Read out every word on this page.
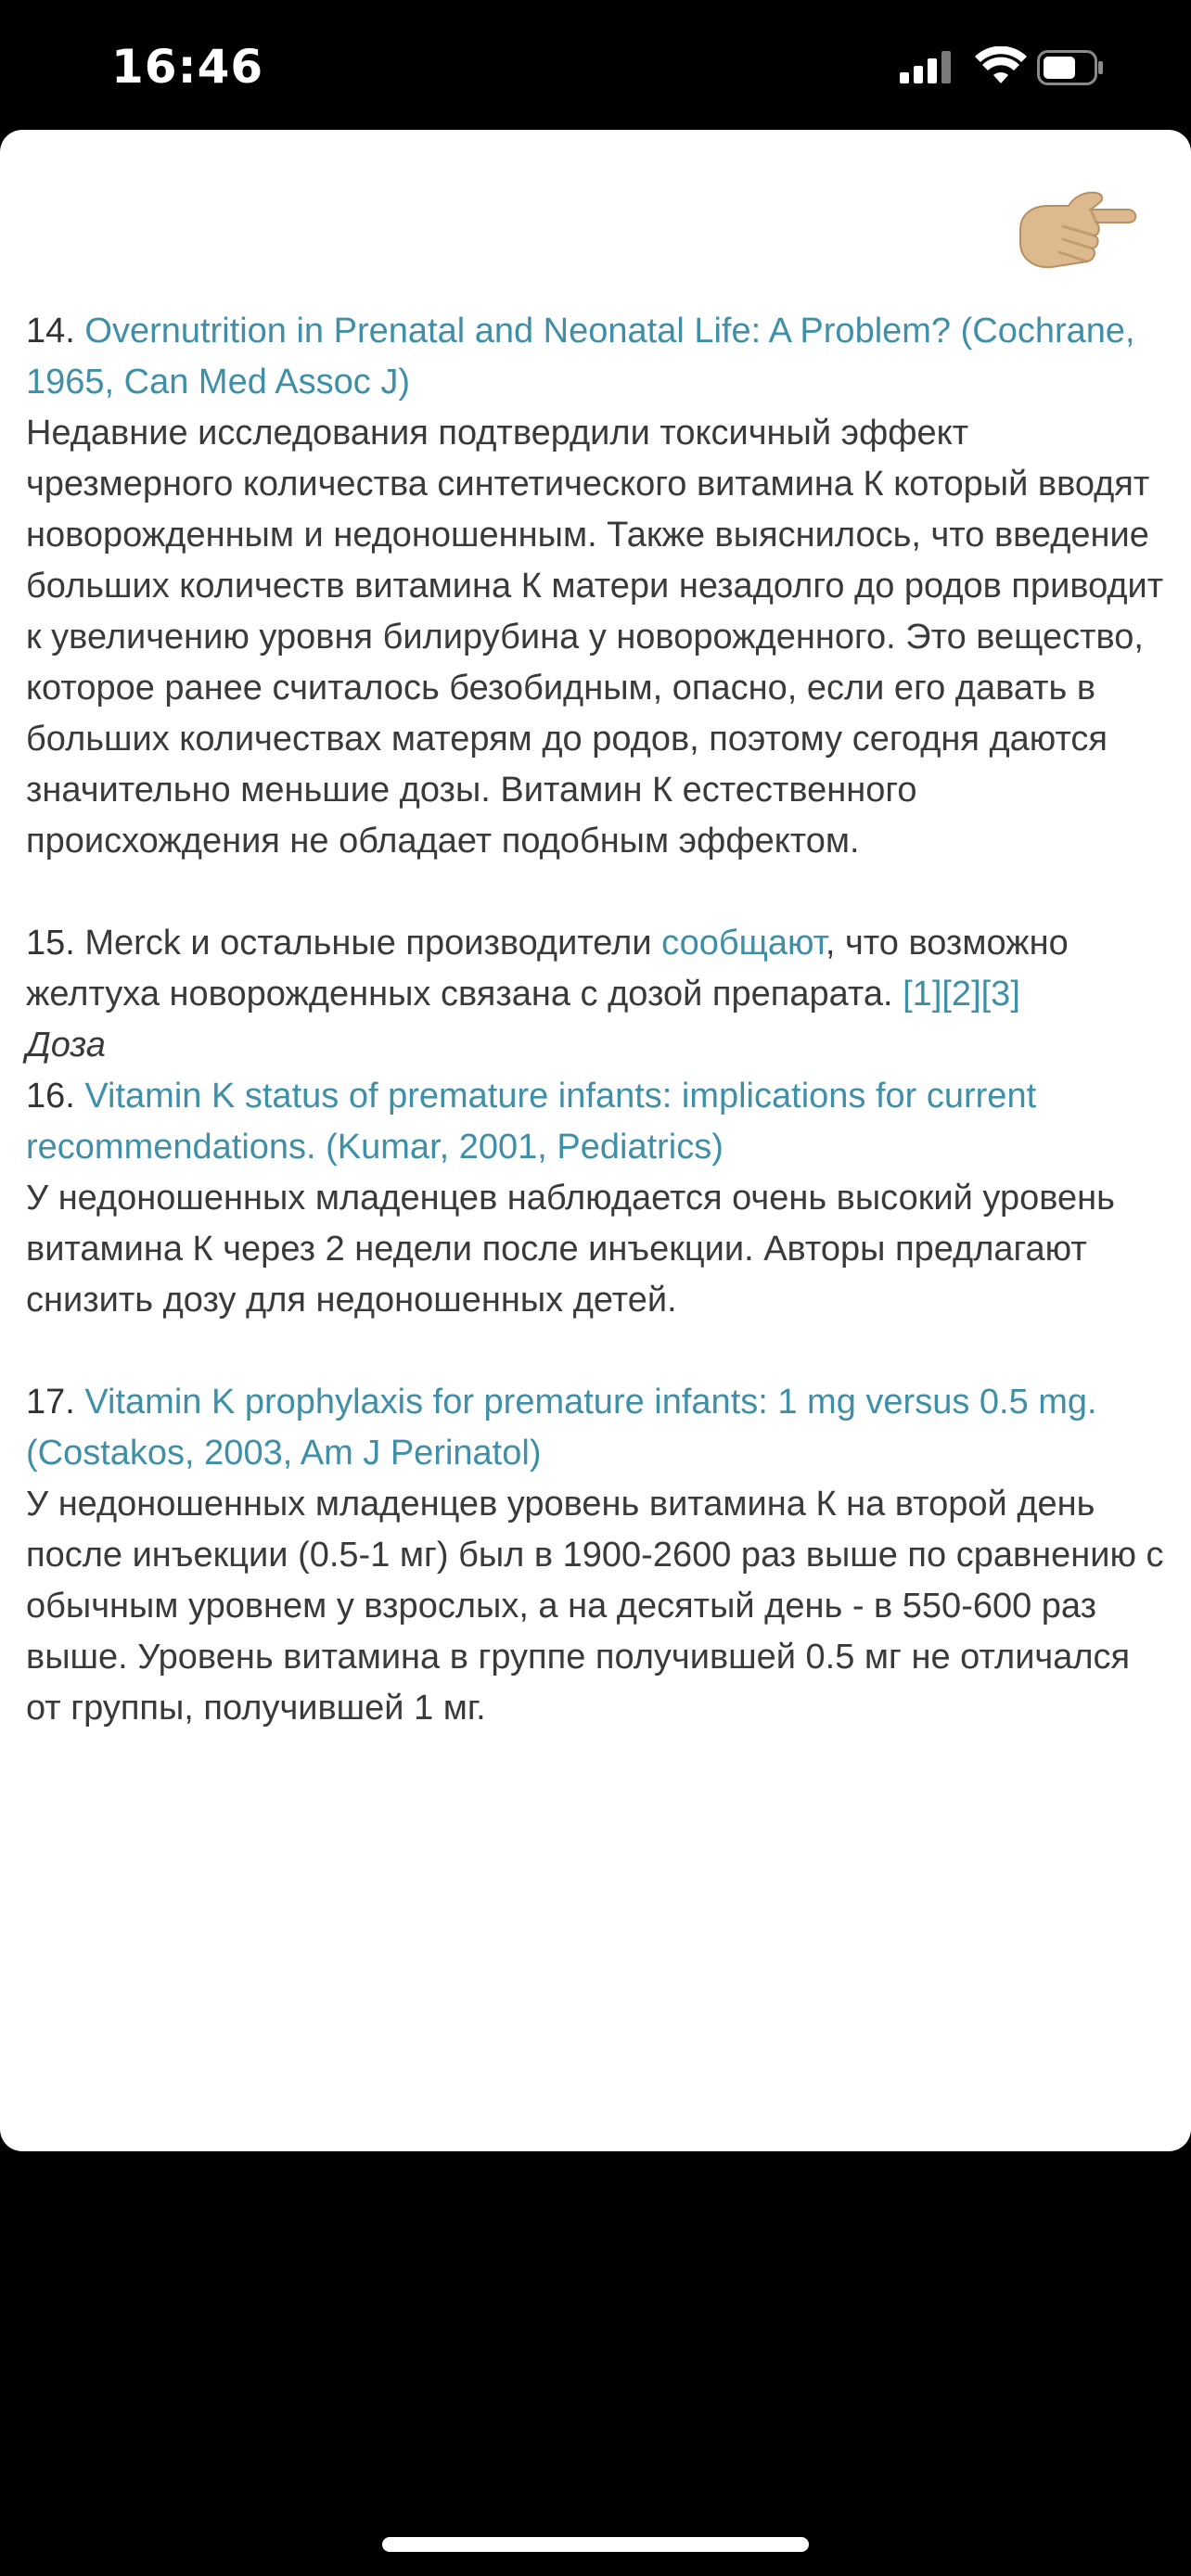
16:46
14. Overnutrition in Prenatal and Neonatal Life: A Problem? (Cochrane, 1965, Can Med Assoc J)
Недавние исследования подтвердили токсичный эффект чрезмерного количества синтетического витамина К который вводят новорожденным и недоношенным. Также выяснилось, что введение больших количеств витамина К матери незадолго до родов приводит к увеличению уровня билирубина у новорожденного. Это вещество, которое ранее считалось безобидным, опасно, если его давать в больших количествах матерям до родов, поэтому сегодня даются значительно меньшие дозы. Витамин К естественного происхождения не обладает подобным эффектом.
15. Merck и остальные производители сообщают, что возможно желтуха новорожденных связана с дозой препарата. [1][2][3]
Доза
16. Vitamin K status of premature infants: implications for current recommendations. (Kumar, 2001, Pediatrics)
У недоношенных младенцев наблюдается очень высокий уровень витамина К через 2 недели после инъекции. Авторы предлагают снизить дозу для недоношенных детей.
17. Vitamin K prophylaxis for premature infants: 1 mg versus 0.5 mg. (Costakos, 2003, Am J Perinatol)
У недоношенных младенцев уровень витамина К на второй день после инъекции (0.5-1 мг) был в 1900-2600 раз выше по сравнению с обычным уровнем у взрослых, а на десятый день - в 550-600 раз выше. Уровень витамина в группе получившей 0.5 мг не отличался от группы, получившей 1 мг.
